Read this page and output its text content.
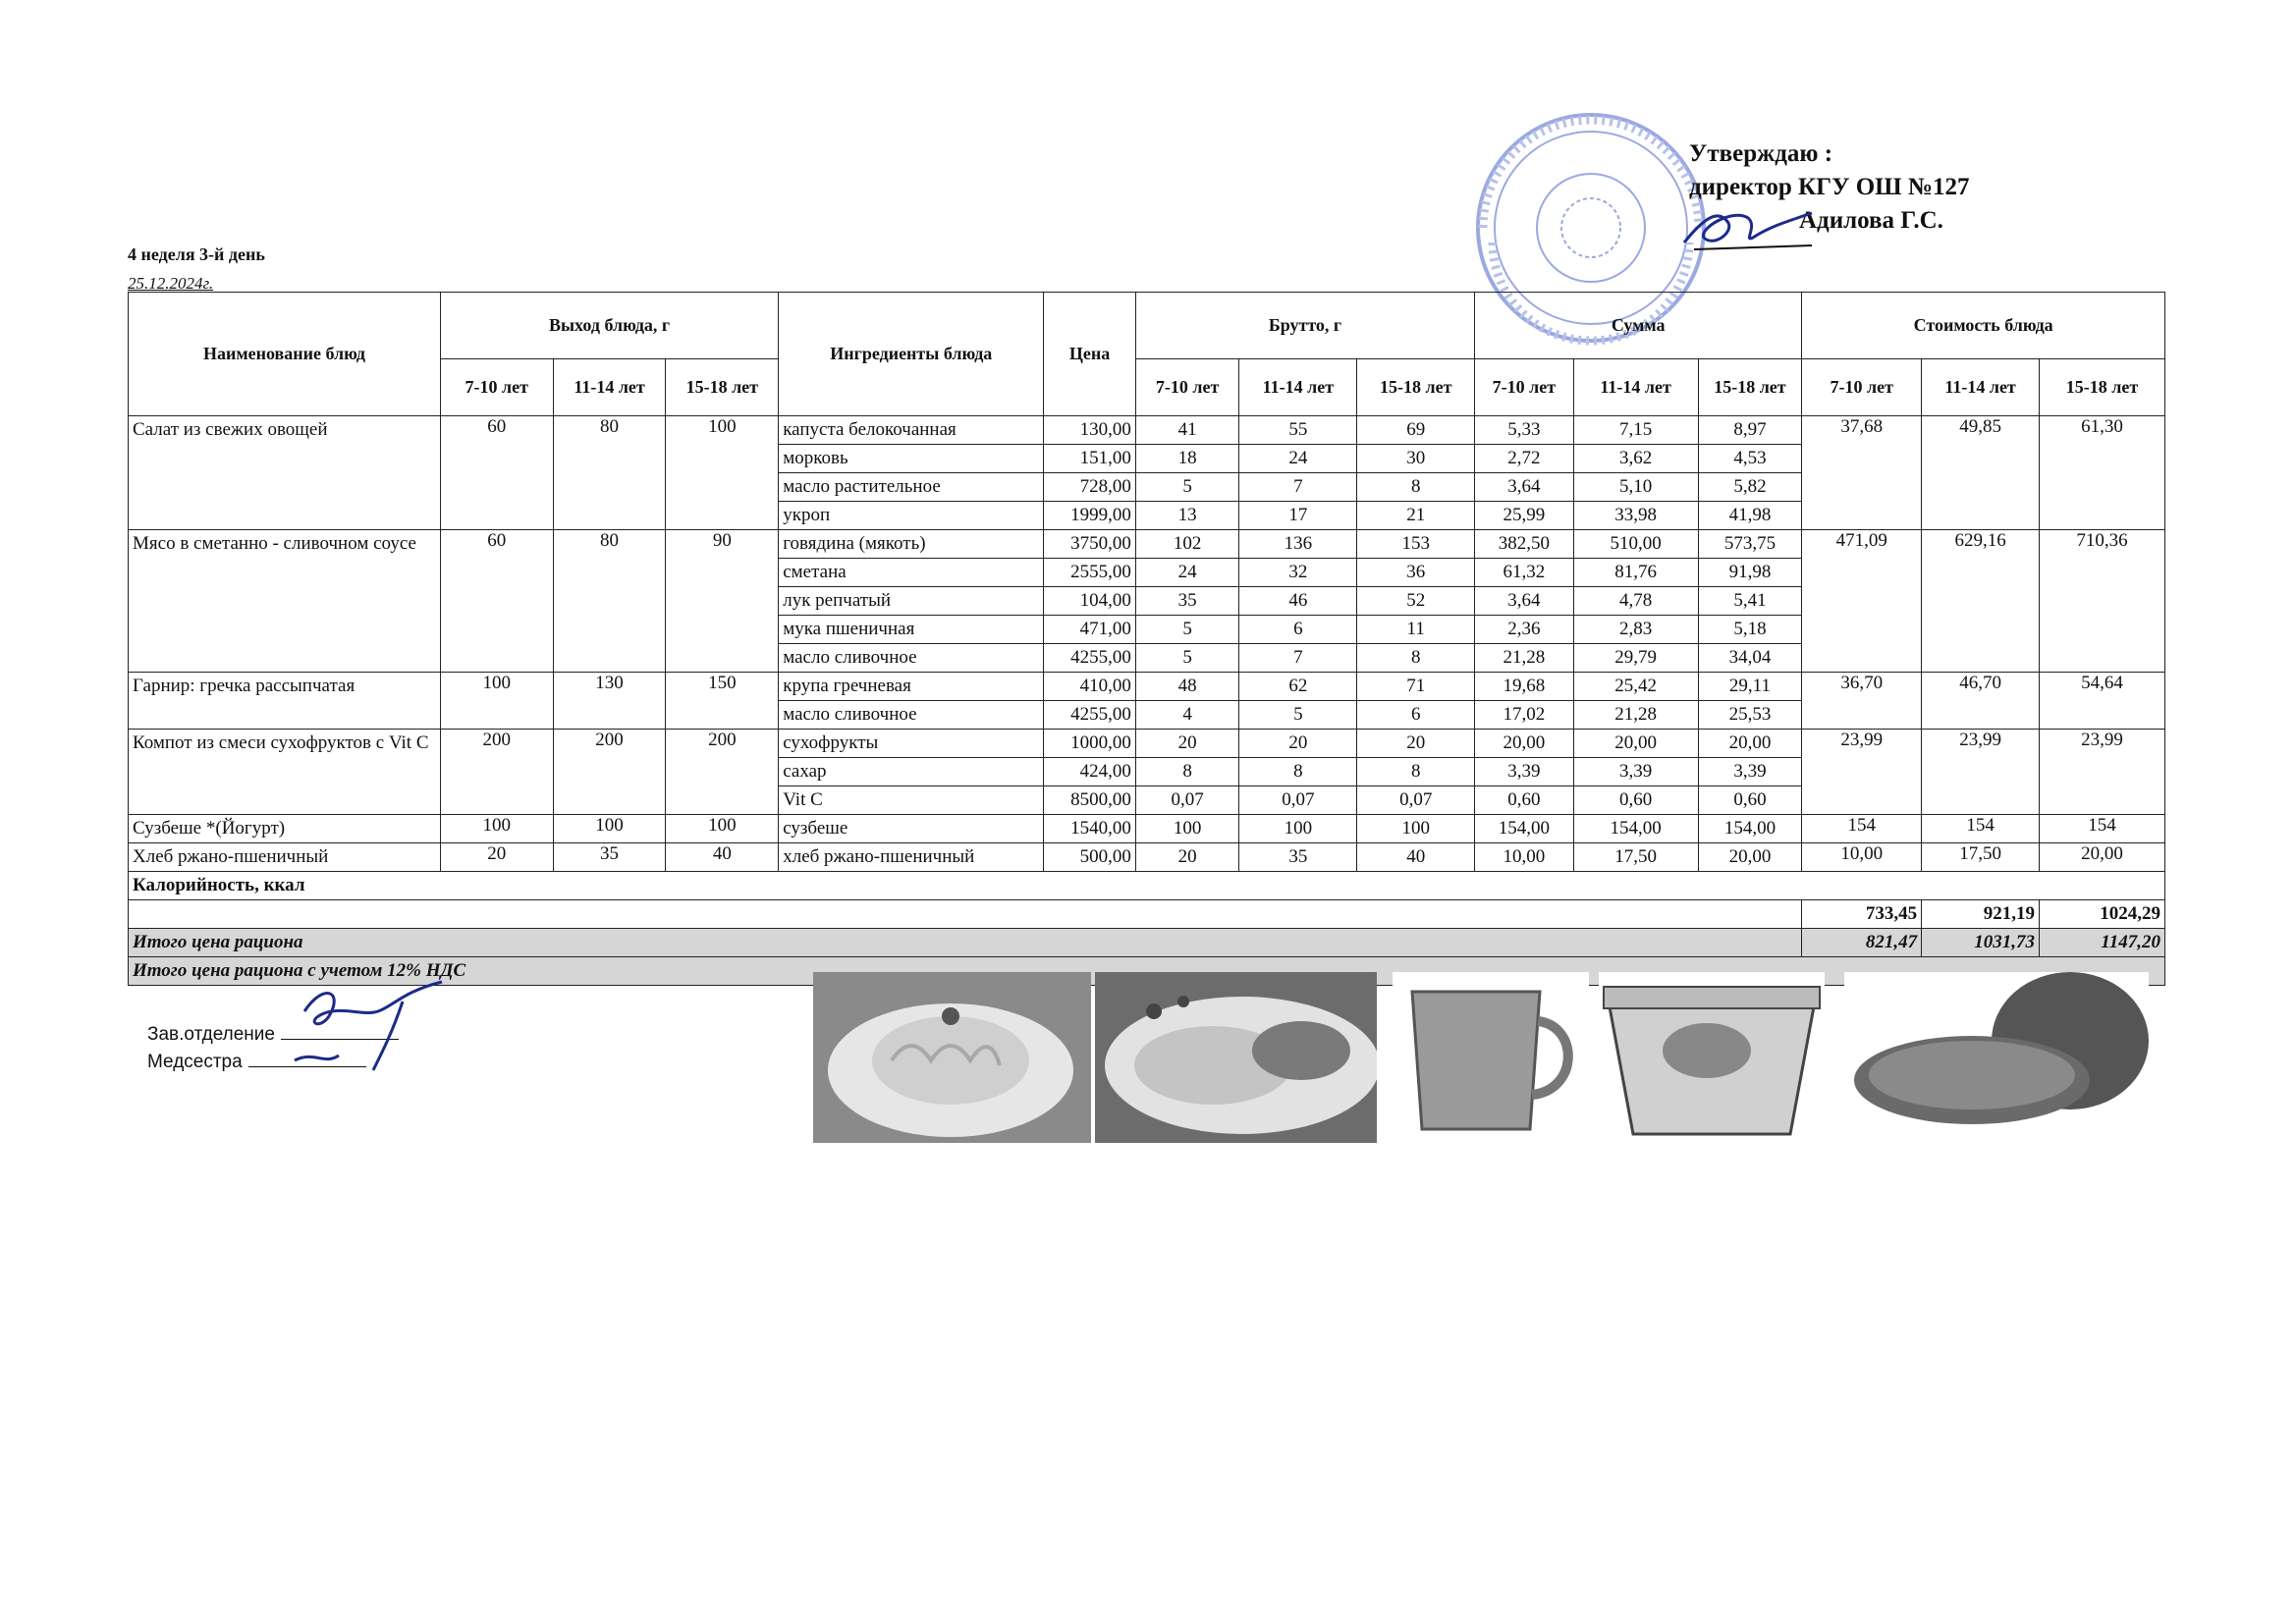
Утверждаю :
директор КГУ ОШ №127
Адилова Г.С.
4 неделя 3-й день
25.12.2024г.
Наименование блюд	Выход блюда, г			Ингредиенты блюда	Цена	Брутто, г			Сумма			Стоимость блюда		
	7-10 лет	11-14 лет	15-18 лет			7-10 лет	11-14 лет	15-18 лет	7-10 лет	11-14 лет	15-18 лет	7-10 лет	11-14 лет	15-18 лет
Салат из свежих овощей	60	80	100	капуста белокочанная	130,00	41	55	69	5,33	7,15	8,97	37,68	49,85	61,30
				морковь	151,00	18	24	30	2,72	3,62	4,53			
				масло растительное	728,00	5	7	8	3,64	5,10	5,82			
				укроп	1999,00	13	17	21	25,99	33,98	41,98			
Мясо в сметанно - сливочном соусе	60	80	90	говядина (мякоть)	3750,00	102	136	153	382,50	510,00	573,75	471,09	629,16	710,36
				сметана	2555,00	24	32	36	61,32	81,76	91,98			
				лук репчатый	104,00	35	46	52	3,64	4,78	5,41			
				мука пшеничная	471,00	5	6	11	2,36	2,83	5,18			
				масло сливочное	4255,00	5	7	8	21,28	29,79	34,04			
Гарнир: гречка рассыпчатая	100	130	150	крупа гречневая	410,00	48	62	71	19,68	25,42	29,11	36,70	46,70	54,64
				масло сливочное	4255,00	4	5	6	17,02	21,28	25,53			
Компот из смеси сухофруктов с Vit C	200	200	200	сухофрукты	1000,00	20	20	20	20,00	20,00	20,00	23,99	23,99	23,99
				сахар	424,00	8	8	8	3,39	3,39	3,39			
				Vit C	8500,00	0,07	0,07	0,07	0,60	0,60	0,60			
Сузбеше *(Йогурт)	100	100	100	сузбеше	1540,00	100	100	100	154,00	154,00	154,00	154	154	154
Хлеб ржано-пшеничный	20	35	40	хлеб ржано-пшеничный	500,00	20	35	40	10,00	17,50	20,00	10,00	17,50	20,00
Калорийность, ккал														
												733,45	921,19	1024,29
Итого цена рациона												821,47	1031,73	1147,20
Итого цена рациона с учетом 12% НДС														
Зав.отделение
Медсестра
